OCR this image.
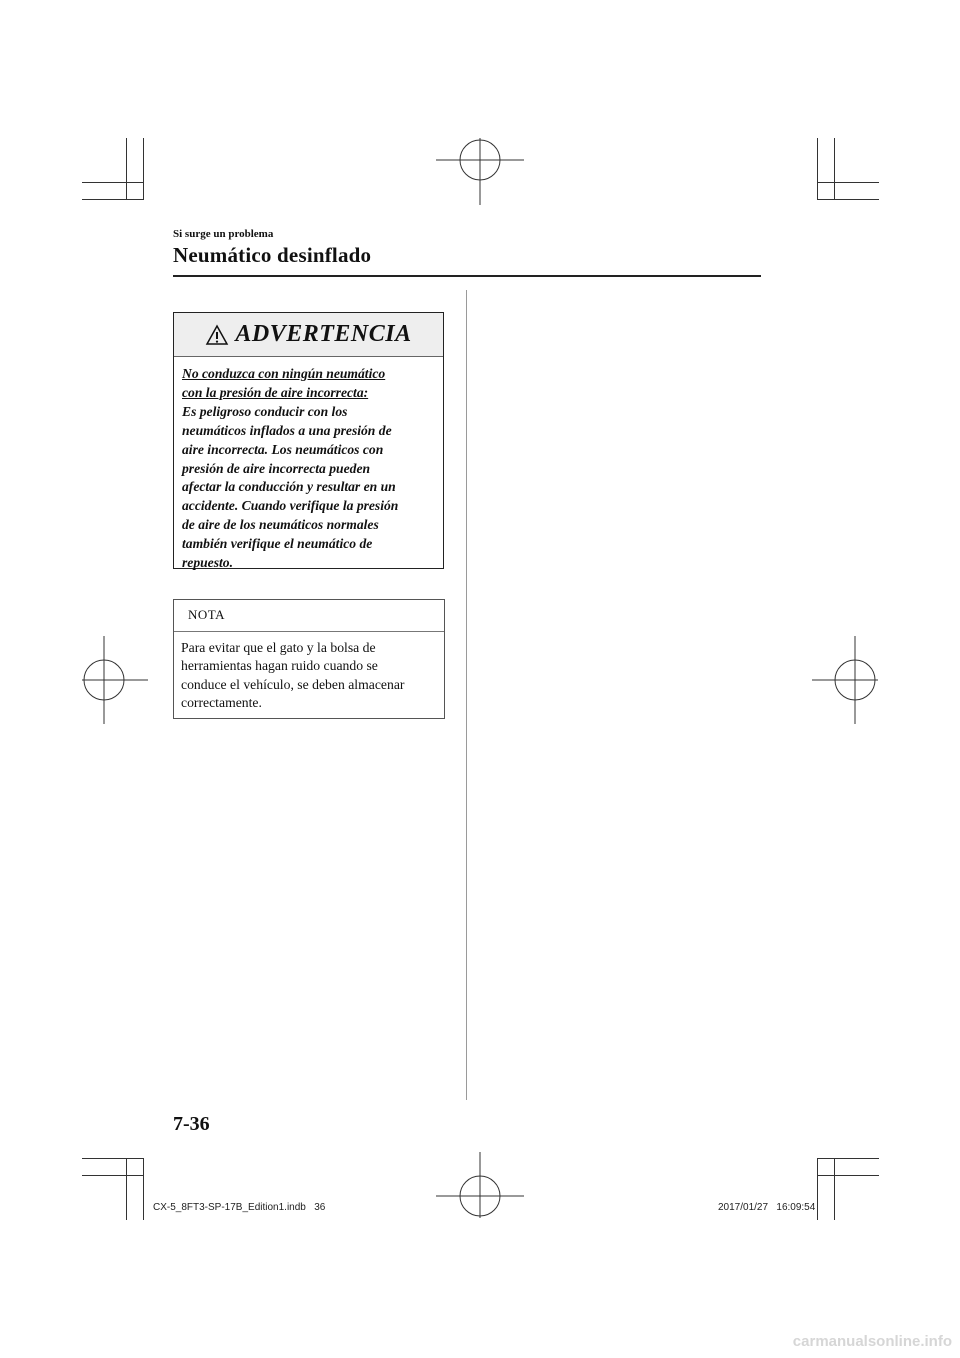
Si surge un problema
Neumático desinflado
ADVERTENCIA
No conduzca con ningún neumático
con la presión de aire incorrecta:
Es peligroso conducir con los
neumáticos inflados a una presión de
aire incorrecta. Los neumáticos con
presión de aire incorrecta pueden
afectar la conducción y resultar en un
accidente. Cuando verifique la presión
de aire de los neumáticos normales
también verifique el neumático de
repuesto.
NOTA
Para evitar que el gato y la bolsa de
herramientas hagan ruido cuando se
conduce el vehículo, se deben almacenar
correctamente.
7-36
CX-5_8FT3-SP-17B_Edition1.indb   36	2017/01/27   16:09:54
carmanualsonline.info
